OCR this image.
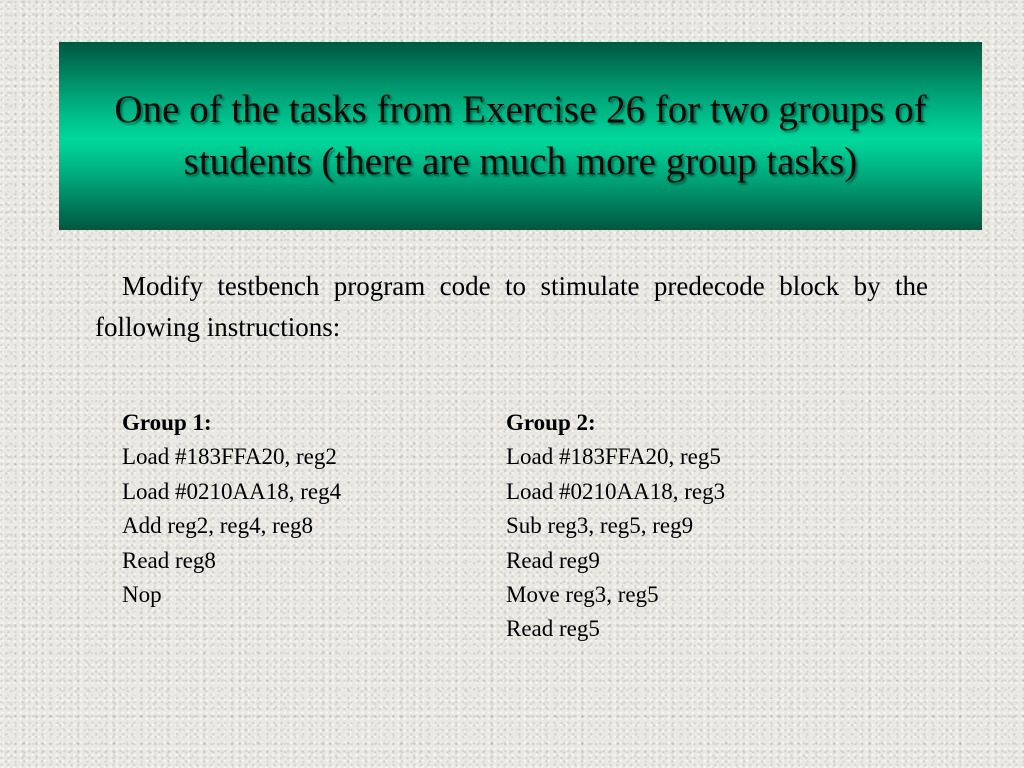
One of the tasks from Exercise 26 for two groups of students (there are much more group tasks)

Modify testbench program code to stimulate predecode block by the following instructions:

Group 1:
Load #183FFA20, reg2
Load #0210AA18, reg4
Add reg2, reg4, reg8
Read reg8
Nop
Group 2:
Load #183FFA20, reg5
Load #0210AA18, reg3
Sub reg3, reg5, reg9
Read reg9
Move reg3, reg5
Read reg5
